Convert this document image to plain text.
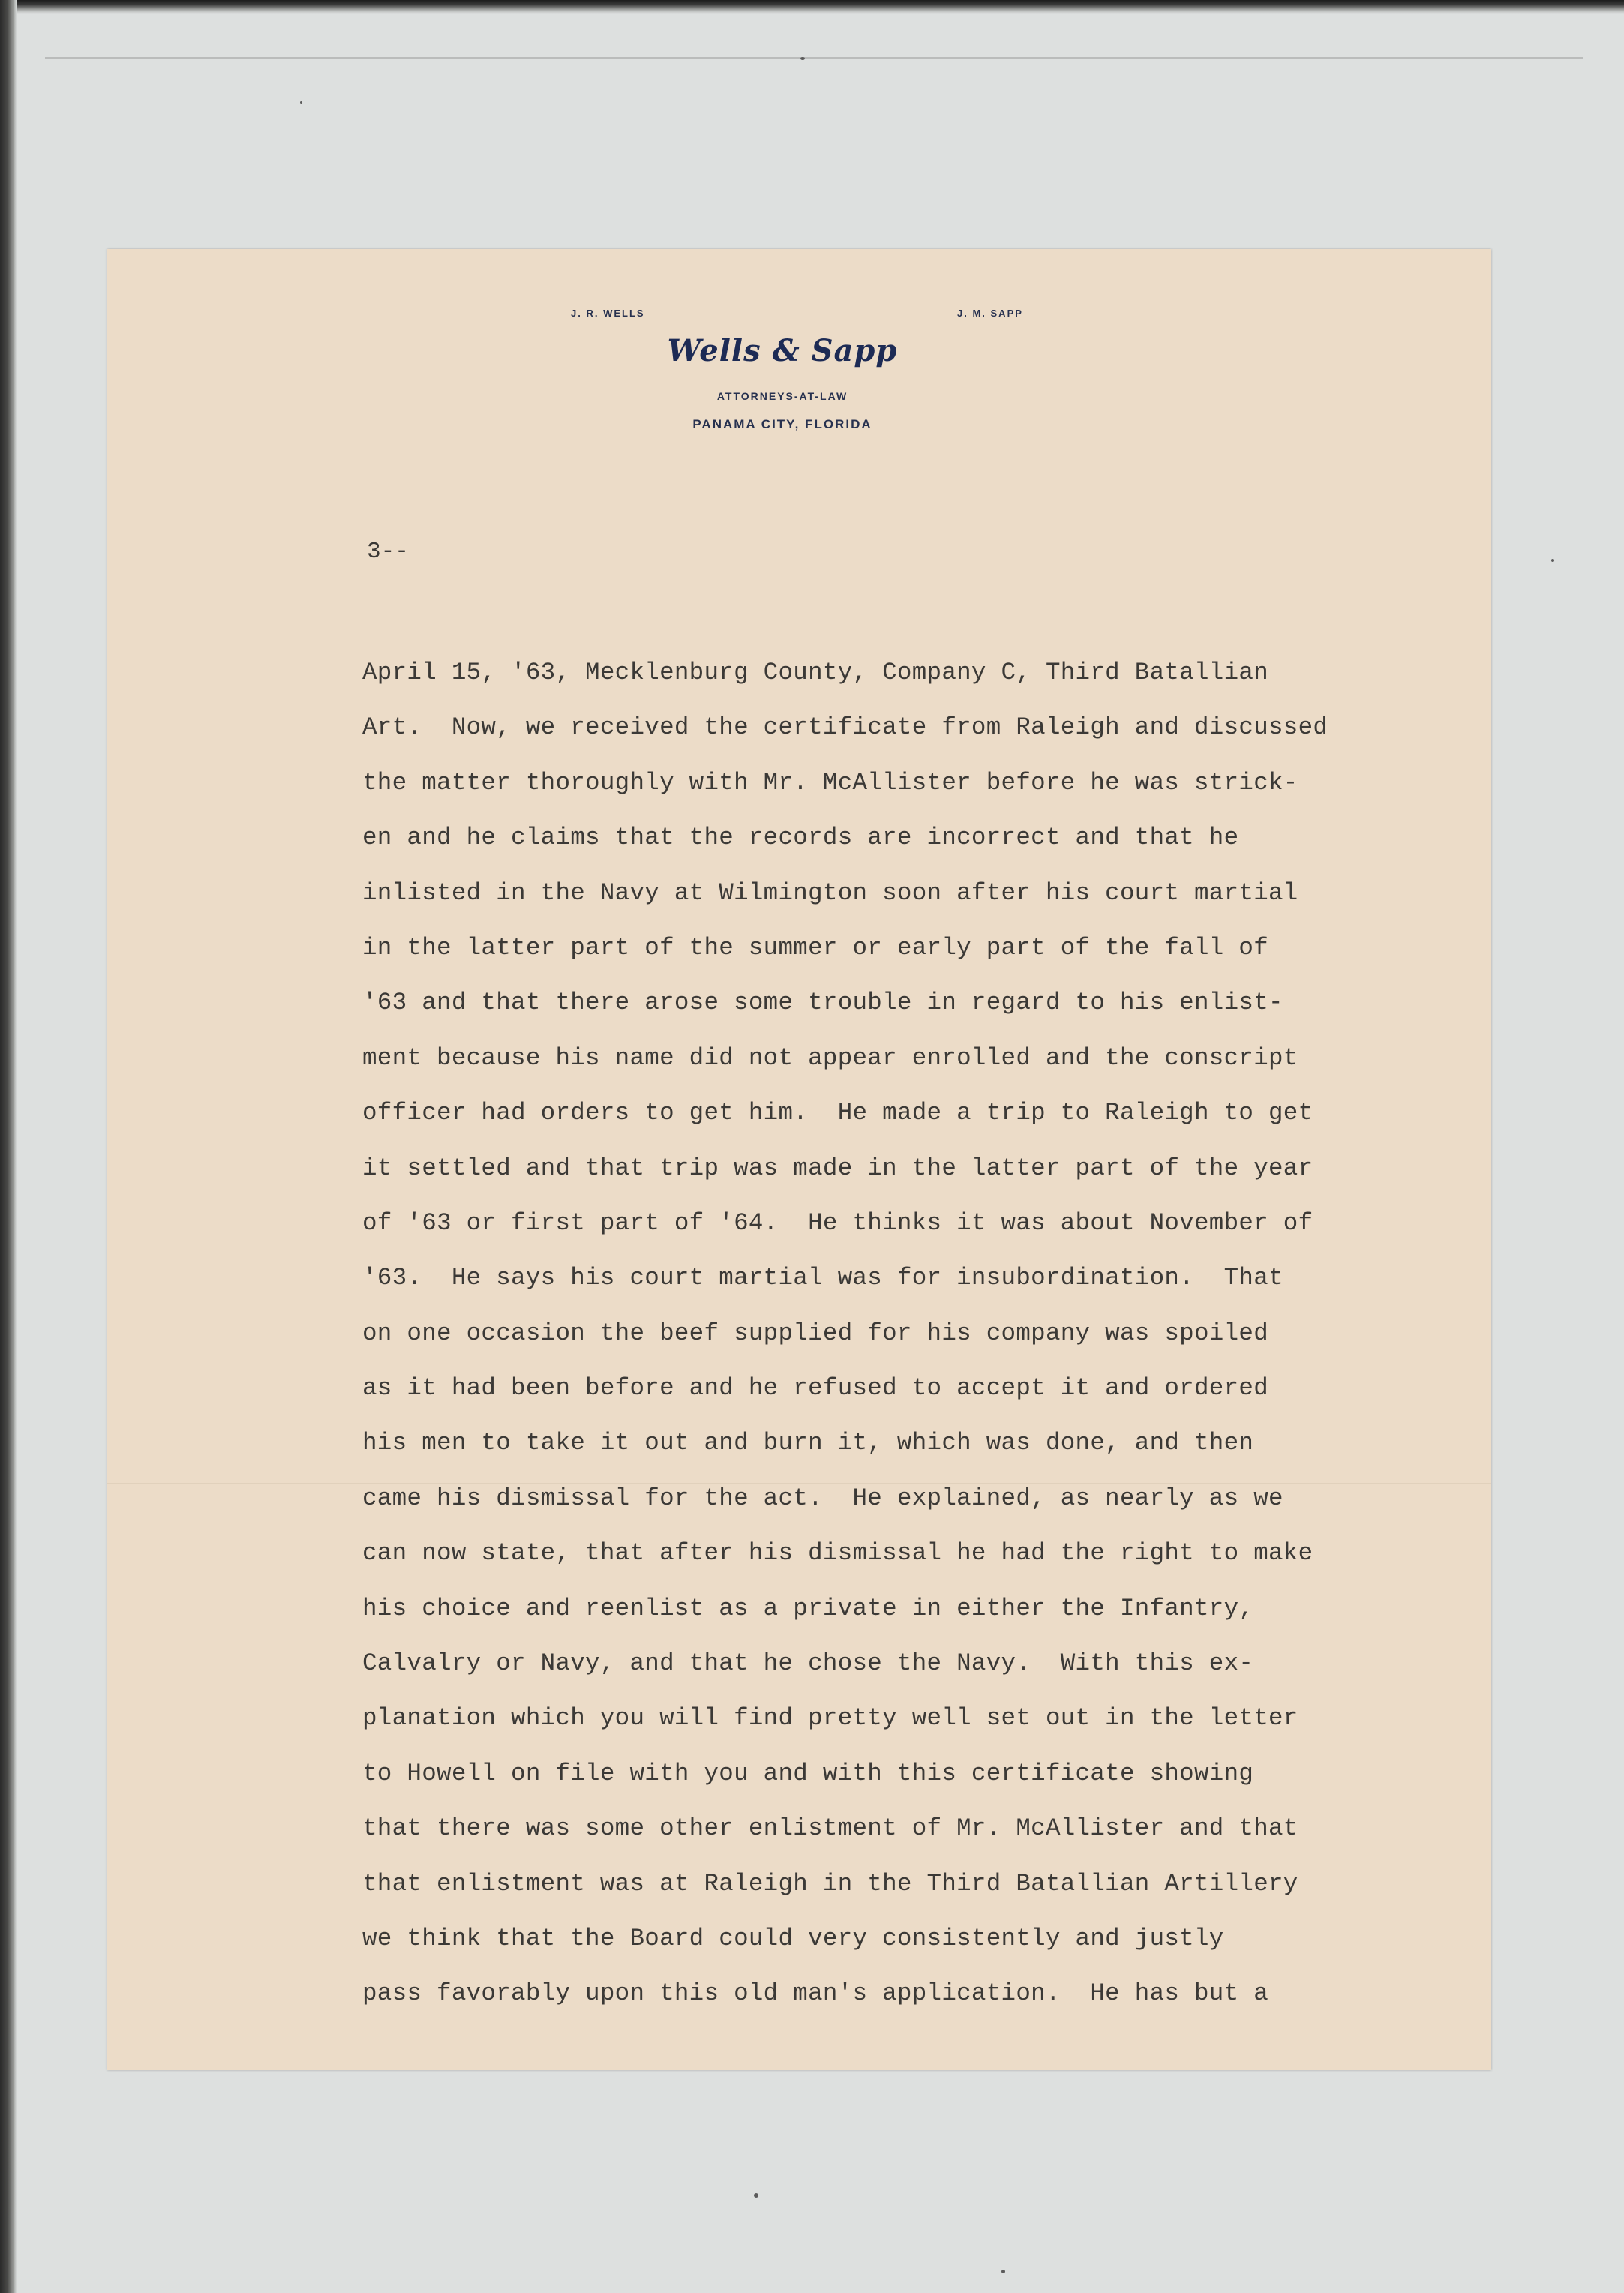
J. R. WELLS	J. M. SAPP
Wells & Sapp
ATTORNEYS-AT-LAW
PANAMA CITY, FLORIDA
3--
April 15, '63, Mecklenburg County, Company C, Third Batallian
Art.  Now, we received the certificate from Raleigh and discussed
the matter thoroughly with Mr. McAllister before he was strick-
en and he claims that the records are incorrect and that he
inlisted in the Navy at Wilmington soon after his court martial
in the latter part of the summer or early part of the fall of
'63 and that there arose some trouble in regard to his enlist-
ment because his name did not appear enrolled and the conscript
officer had orders to get him.  He made a trip to Raleigh to get
it settled and that trip was made in the latter part of the year
of '63 or first part of '64.  He thinks it was about November of
'63.  He says his court martial was for insubordination.  That
on one occasion the beef supplied for his company was spoiled
as it had been before and he refused to accept it and ordered
his men to take it out and burn it, which was done, and then
came his dismissal for the act.  He explained, as nearly as we
can now state, that after his dismissal he had the right to make
his choice and reenlist as a private in either the Infantry,
Calvalry or Navy, and that he chose the Navy.  With this ex-
planation which you will find pretty well set out in the letter
to Howell on file with you and with this certificate showing
that there was some other enlistment of Mr. McAllister and that
that enlistment was at Raleigh in the Third Batallian Artillery
we think that the Board could very consistently and justly
pass favorably upon this old man's application.  He has but a
